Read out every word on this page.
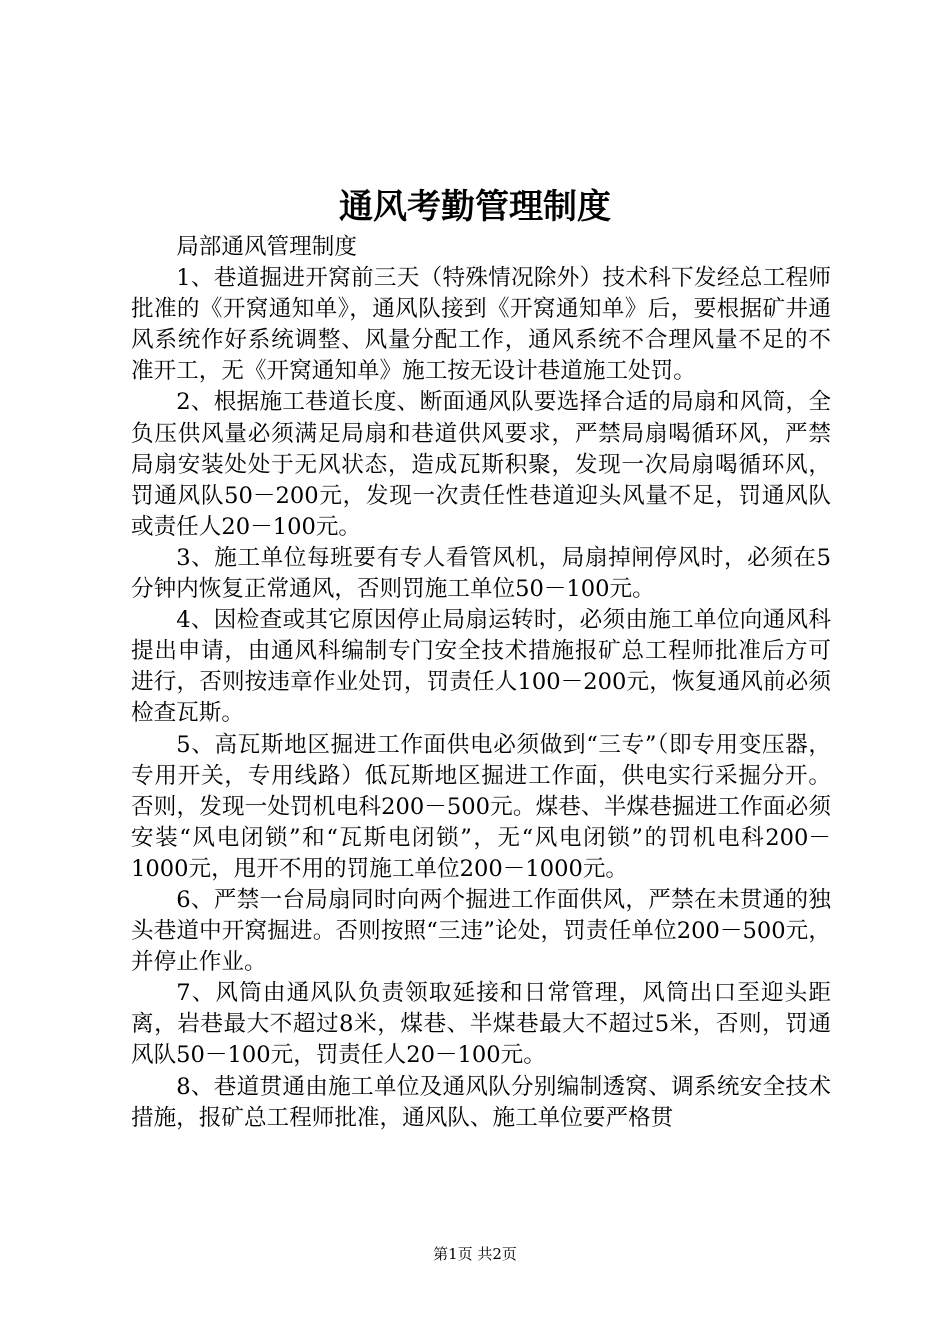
通风考勤管理制度

局部通风管理制度

1、巷道掘进开窝前三天（特殊情况除外）技术科下发经总工程师批准的《开窝通知单》，通风队接到《开窝通知单》后，要根据矿井通风系统作好系统调整、风量分配工作，通风系统不合理风量不足的不准开工，无《开窝通知单》施工按无设计巷道施工处罚。

2、根据施工巷道长度、断面通风队要选择合适的局扇和风筒，全负压供风量必须满足局扇和巷道供风要求，严禁局扇喝循环风，严禁局扇安装处处于无风状态，造成瓦斯积聚，发现一次局扇喝循环风，罚通风队50－200元，发现一次责任性巷道迎头风量不足，罚通风队或责任人20－100元。

3、施工单位每班要有专人看管风机，局扇掉闸停风时，必须在5分钟内恢复正常通风，否则罚施工单位50－100元。

4、因检查或其它原因停止局扇运转时，必须由施工单位向通风科提出申请，由通风科编制专门安全技术措施报矿总工程师批准后方可进行，否则按违章作业处罚，罚责任人100－200元，恢复通风前必须检查瓦斯。

5、高瓦斯地区掘进工作面供电必须做到“三专”（即专用变压器，专用开关，专用线路）低瓦斯地区掘进工作面，供电实行采掘分开。否则，发现一处罚机电科200－500元。煤巷、半煤巷掘进工作面必须安装“风电闭锁”和“瓦斯电闭锁”，无“风电闭锁”的罚机电科200－1000元，甩开不用的罚施工单位200－1000元。

6、严禁一台局扇同时向两个掘进工作面供风，严禁在未贯通的独头巷道中开窝掘进。否则按照“三违”论处，罚责任单位200－500元，并停止作业。

7、风筒由通风队负责领取延接和日常管理，风筒出口至迎头距离，岩巷最大不超过8米，煤巷、半煤巷最大不超过5米，否则，罚通风队50－100元，罚责任人20－100元。

8、巷道贯通由施工单位及通风队分别编制透窝、调系统安全技术措施，报矿总工程师批准，通风队、施工单位要严格贯

第1页 共2页
